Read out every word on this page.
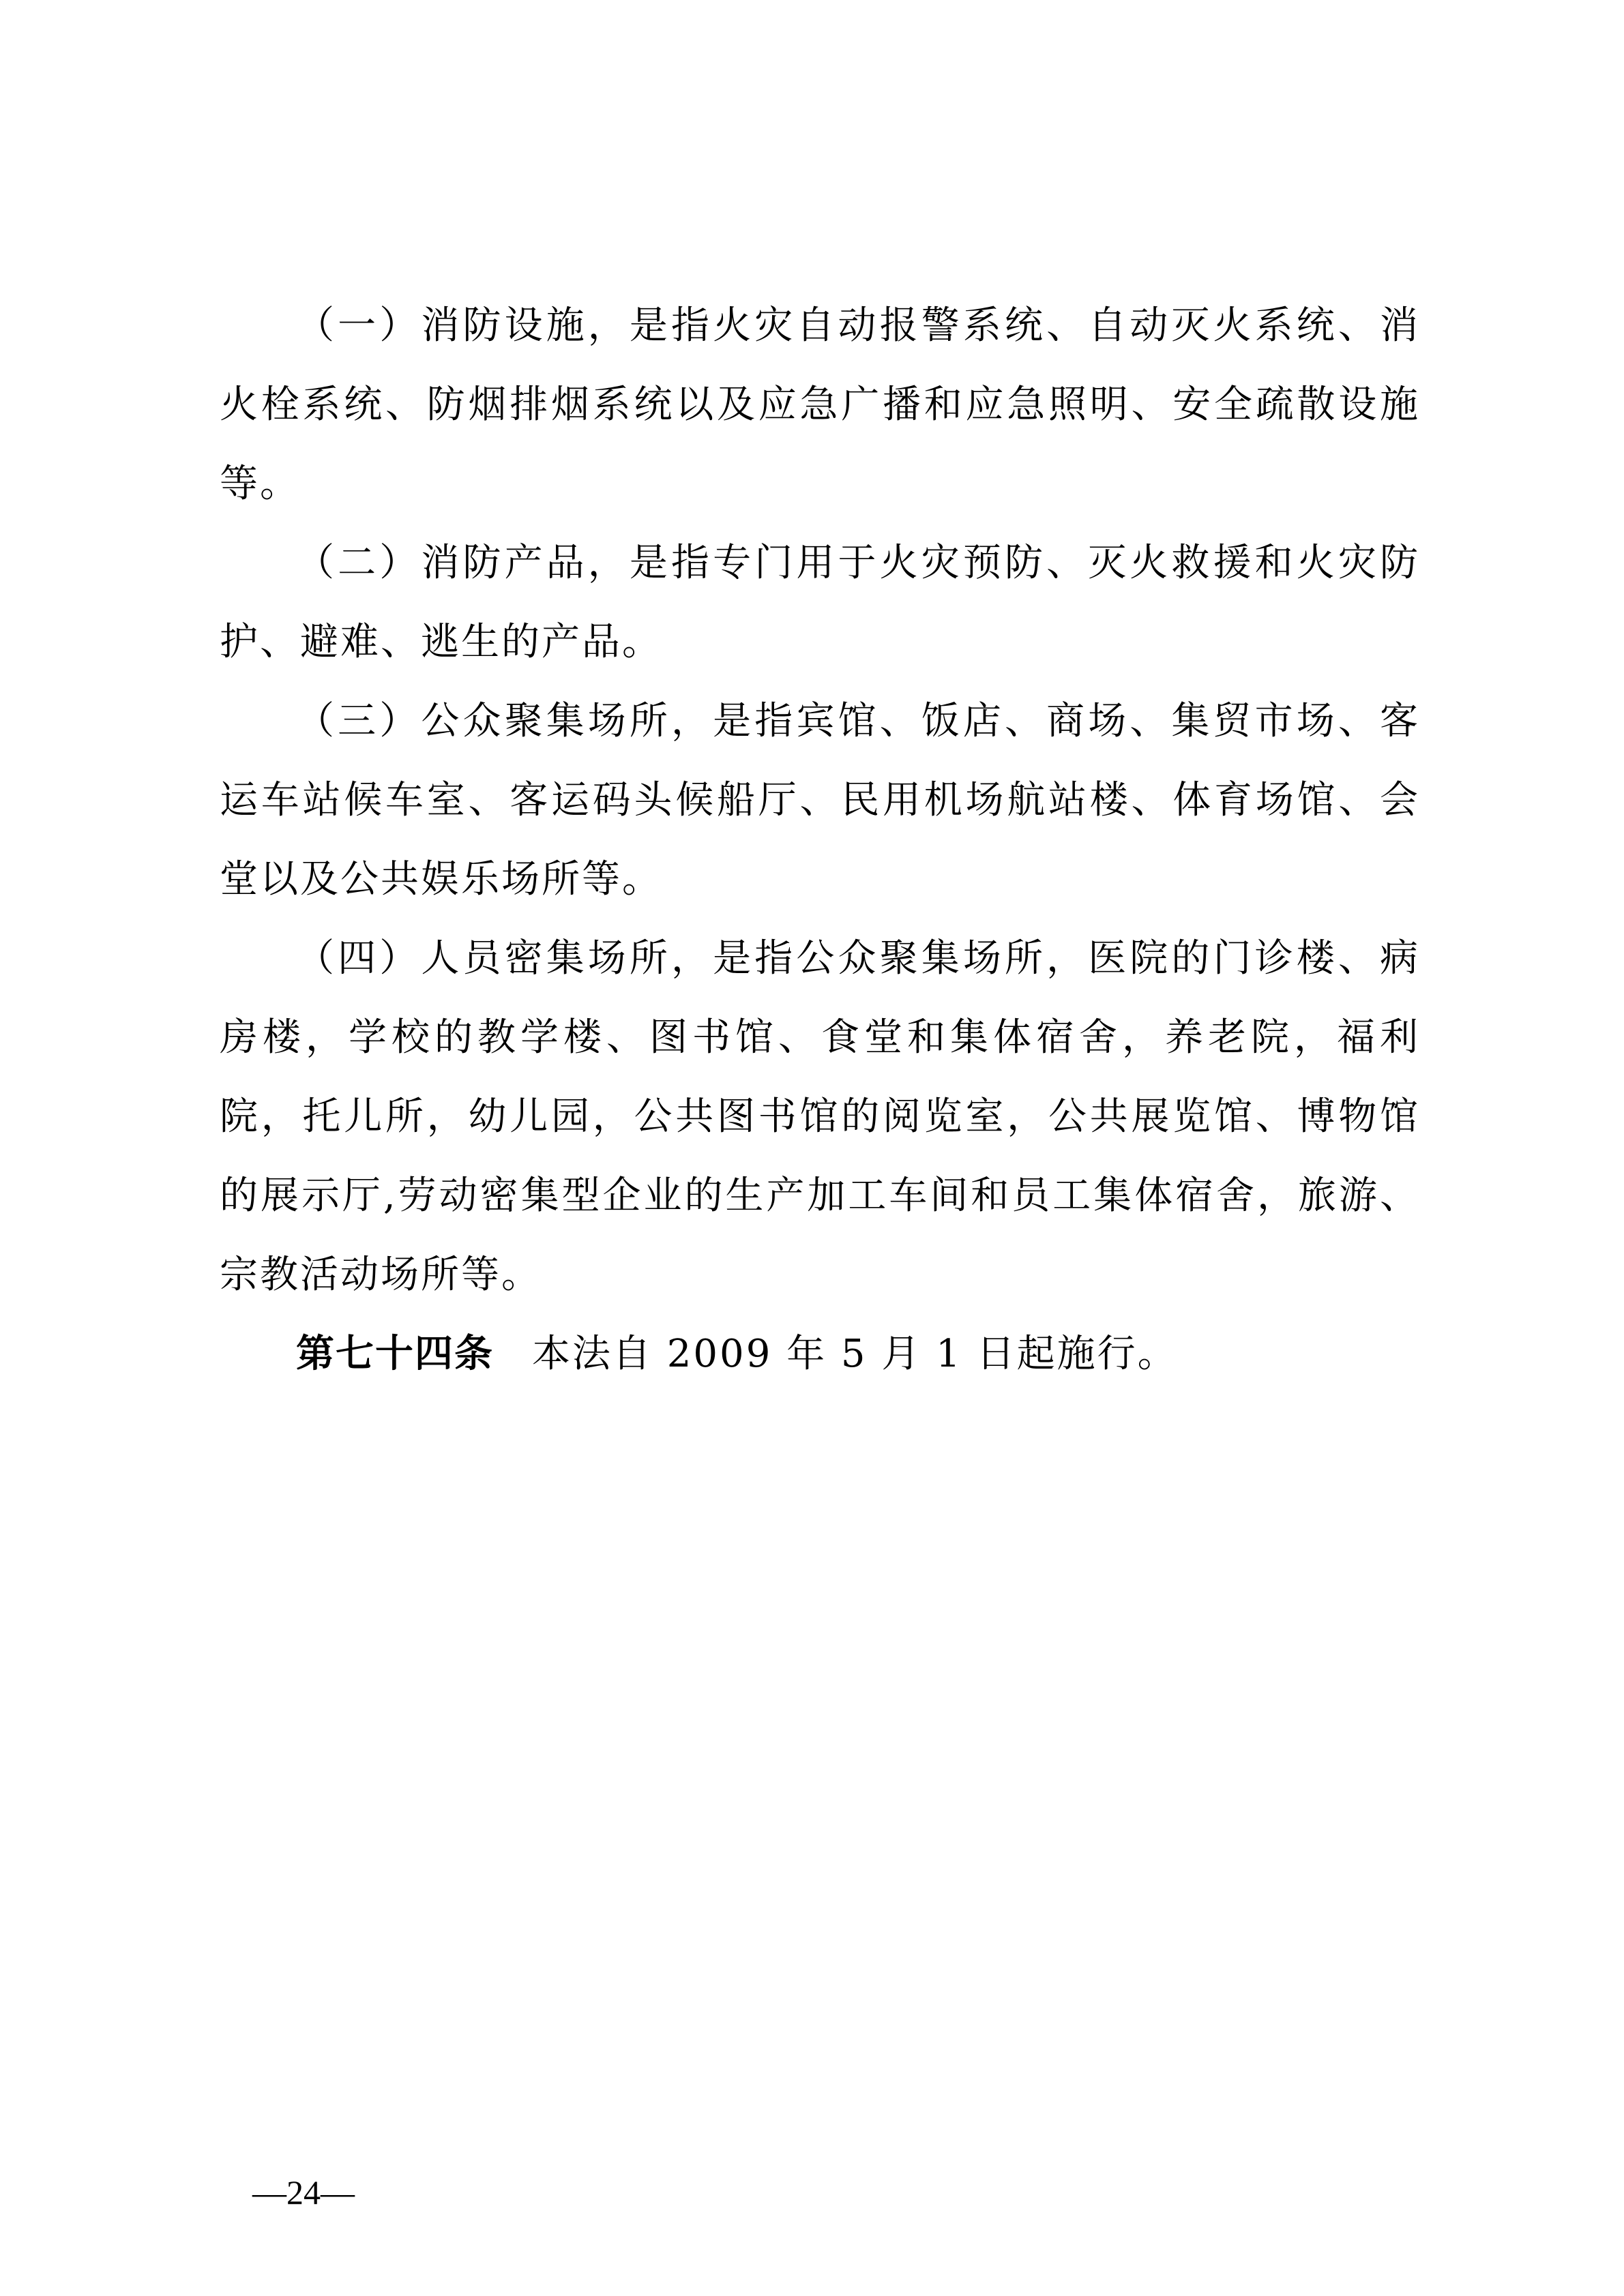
（一）消防设施，是指火灾自动报警系统、自动灭火系统、消火栓系统、防烟排烟系统以及应急广播和应急照明、安全疏散设施等。

（二）消防产品，是指专门用于火灾预防、灭火救援和火灾防护、避难、逃生的产品。

（三）公众聚集场所，是指宾馆、饭店、商场、集贸市场、客运车站候车室、客运码头候船厅、民用机场航站楼、体育场馆、会堂以及公共娱乐场所等。

（四）人员密集场所，是指公众聚集场所，医院的门诊楼、病房楼，学校的教学楼、图书馆、食堂和集体宿舍，养老院，福利院，托儿所，幼儿园，公共图书馆的阅览室，公共展览馆、博物馆的展示厅,劳动密集型企业的生产加工车间和员工集体宿舍，旅游、宗教活动场所等。

第七十四条 本法自 2009 年 5 月 1 日起施行。

—24—
